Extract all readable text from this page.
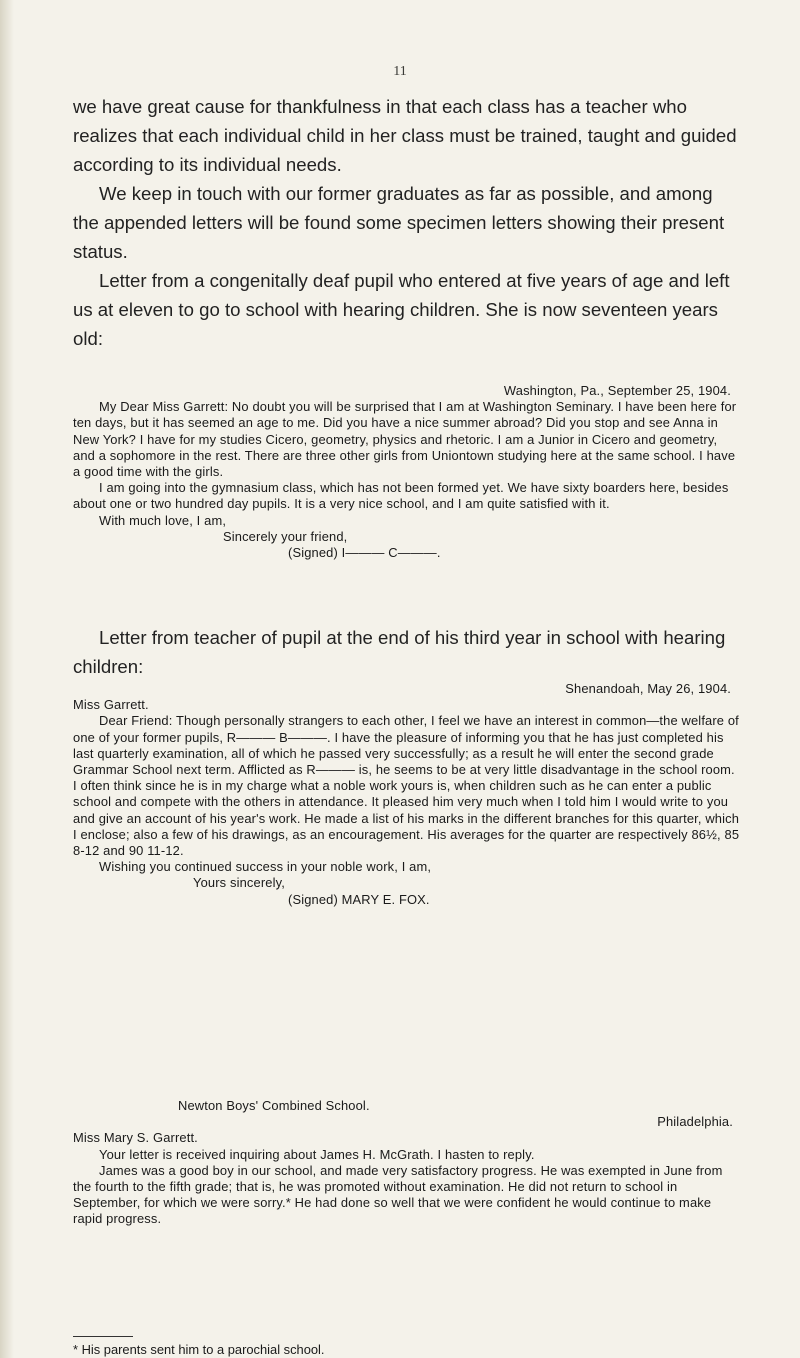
11

we have great cause for thankfulness in that each class has a teacher who realizes that each individual child in her class must be trained, taught and guided according to its individual needs.

We keep in touch with our former graduates as far as possible, and among the appended letters will be found some specimen letters showing their present status.

Letter from a congenitally deaf pupil who entered at five years of age and left us at eleven to go to school with hearing children. She is now seventeen years old:

Washington, Pa., September 25, 1904.

My Dear Miss Garrett: No doubt you will be surprised that I am at Washington Seminary. I have been here for ten days, but it has seemed an age to me. Did you have a nice summer abroad? Did you stop and see Anna in New York? I have for my studies Cicero, geometry, physics and rhetoric. I am a Junior in Cicero and geometry, and a sophomore in the rest. There are three other girls from Uniontown studying here at the same school. I have a good time with the girls.

I am going into the gymnasium class, which has not been formed yet. We have sixty boarders here, besides about one or two hundred day pupils. It is a very nice school, and I am quite satisfied with it.

With much love, I am,

Sincerely your friend,

(Signed) I——— C———.

Letter from teacher of pupil at the end of his third year in school with hearing children:

Shenandoah, May 26, 1904.

Miss Garrett.

Dear Friend: Though personally strangers to each other, I feel we have an interest in common—the welfare of one of your former pupils, R——— B———. I have the pleasure of informing you that he has just completed his last quarterly examination, all of which he passed very successfully; as a result he will enter the second grade Grammar School next term. Afflicted as R——— is, he seems to be at very little disadvantage in the school room. I often think since he is in my charge what a noble work yours is, when children such as he can enter a public school and compete with the others in attendance. It pleased him very much when I told him I would write to you and give an account of his year's work. He made a list of his marks in the different branches for this quarter, which I enclose; also a few of his drawings, as an encouragement. His averages for the quarter are respectively 86½, 85 8-12 and 90 11-12.

Wishing you continued success in your noble work, I am,

Yours sincerely,

(Signed) MARY E. FOX.

Newton Boys' Combined School.

Philadelphia.

Miss Mary S. Garrett.

Your letter is received inquiring about James H. McGrath. I hasten to reply.

James was a good boy in our school, and made very satisfactory progress. He was exempted in June from the fourth to the fifth grade; that is, he was promoted without examination. He did not return to school in September, for which we were sorry.* He had done so well that we were confident he would continue to make rapid progress.

* His parents sent him to a parochial school.
